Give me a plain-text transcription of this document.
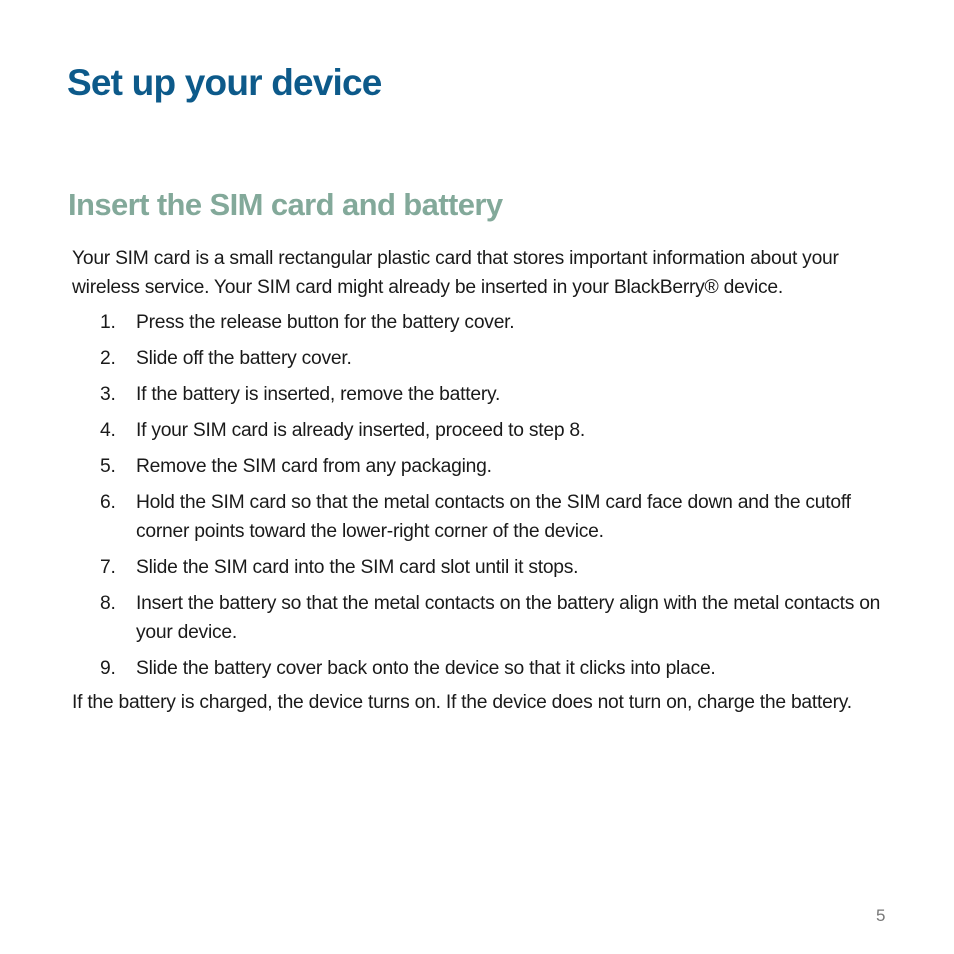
Set up your device
Insert the SIM card and battery

Your SIM card is a small rectangular plastic card that stores important information about your wireless service. Your SIM card might already be inserted in your BlackBerry® device.

1. Press the release button for the battery cover.
2. Slide off the battery cover.
3. If the battery is inserted, remove the battery.
4. If your SIM card is already inserted, proceed to step 8.
5. Remove the SIM card from any packaging.
6. Hold the SIM card so that the metal contacts on the SIM card face down and the cutoff corner points toward the lower-right corner of the device.
7. Slide the SIM card into the SIM card slot until it stops.
8. Insert the battery so that the metal contacts on the battery align with the metal contacts on your device.
9. Slide the battery cover back onto the device so that it clicks into place.

If the battery is charged, the device turns on. If the device does not turn on, charge the battery.

5
